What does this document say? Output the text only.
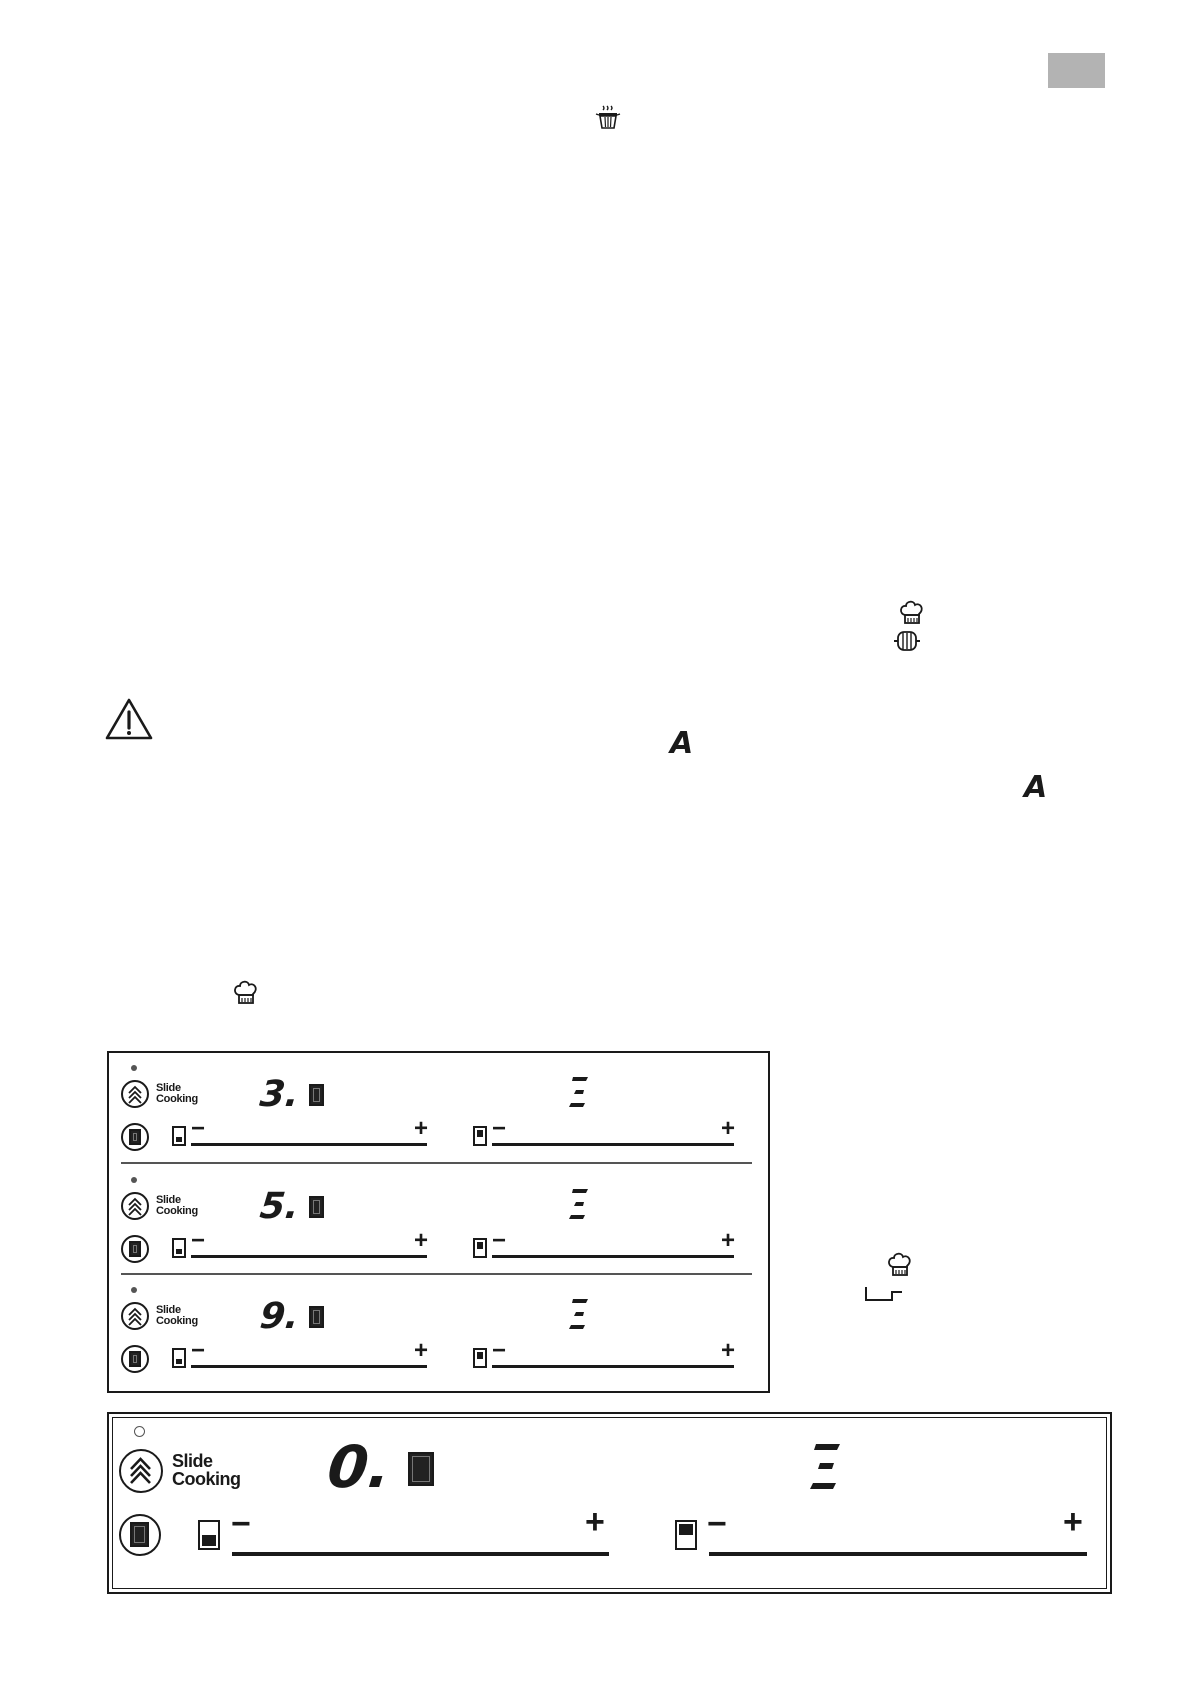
A
A
Slide
Cooking 3.
−	+	−	+
Slide
Cooking 5.
−	+	−	+
Slide
Cooking 9.
−	+	−	+
Slide
Cooking 0.
−	+	−	+
